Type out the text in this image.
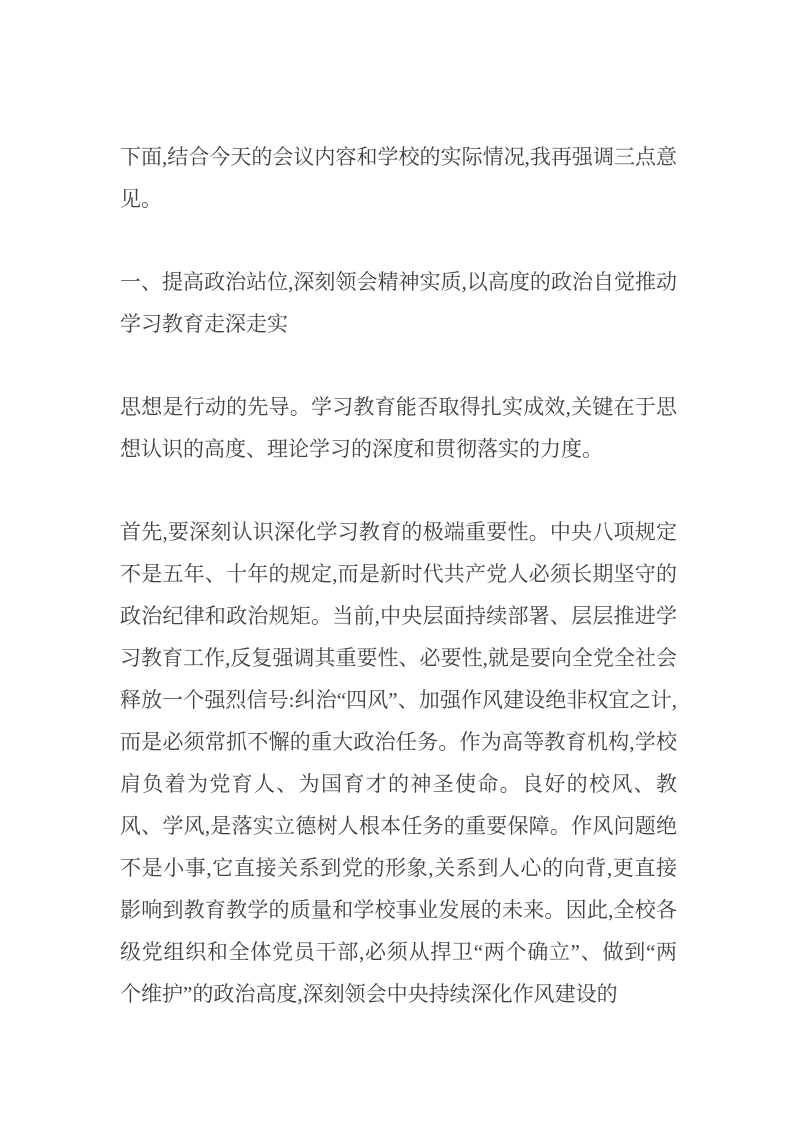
下面,结合今天的会议内容和学校的实际情况,我再强调三点意见。

一、提高政治站位,深刻领会精神实质,以高度的政治自觉推动学习教育走深走实

思想是行动的先导。学习教育能否取得扎实成效,关键在于思想认识的高度、理论学习的深度和贯彻落实的力度。

首先,要深刻认识深化学习教育的极端重要性。中央八项规定不是五年、十年的规定,而是新时代共产党人必须长期坚守的政治纪律和政治规矩。当前,中央层面持续部署、层层推进学习教育工作,反复强调其重要性、必要性,就是要向全党全社会释放一个强烈信号:纠治“四风”、加强作风建设绝非权宜之计,而是必须常抓不懈的重大政治任务。作为高等教育机构,学校肩负着为党育人、为国育才的神圣使命。良好的校风、教风、学风,是落实立德树人根本任务的重要保障。作风问题绝不是小事,它直接关系到党的形象,关系到人心的向背,更直接影响到教育教学的质量和学校事业发展的未来。因此,全校各级党组织和全体党员干部,必须从捍卫“两个确立”、做到“两个维护”的政治高度,深刻领会中央持续深化作风建设的
